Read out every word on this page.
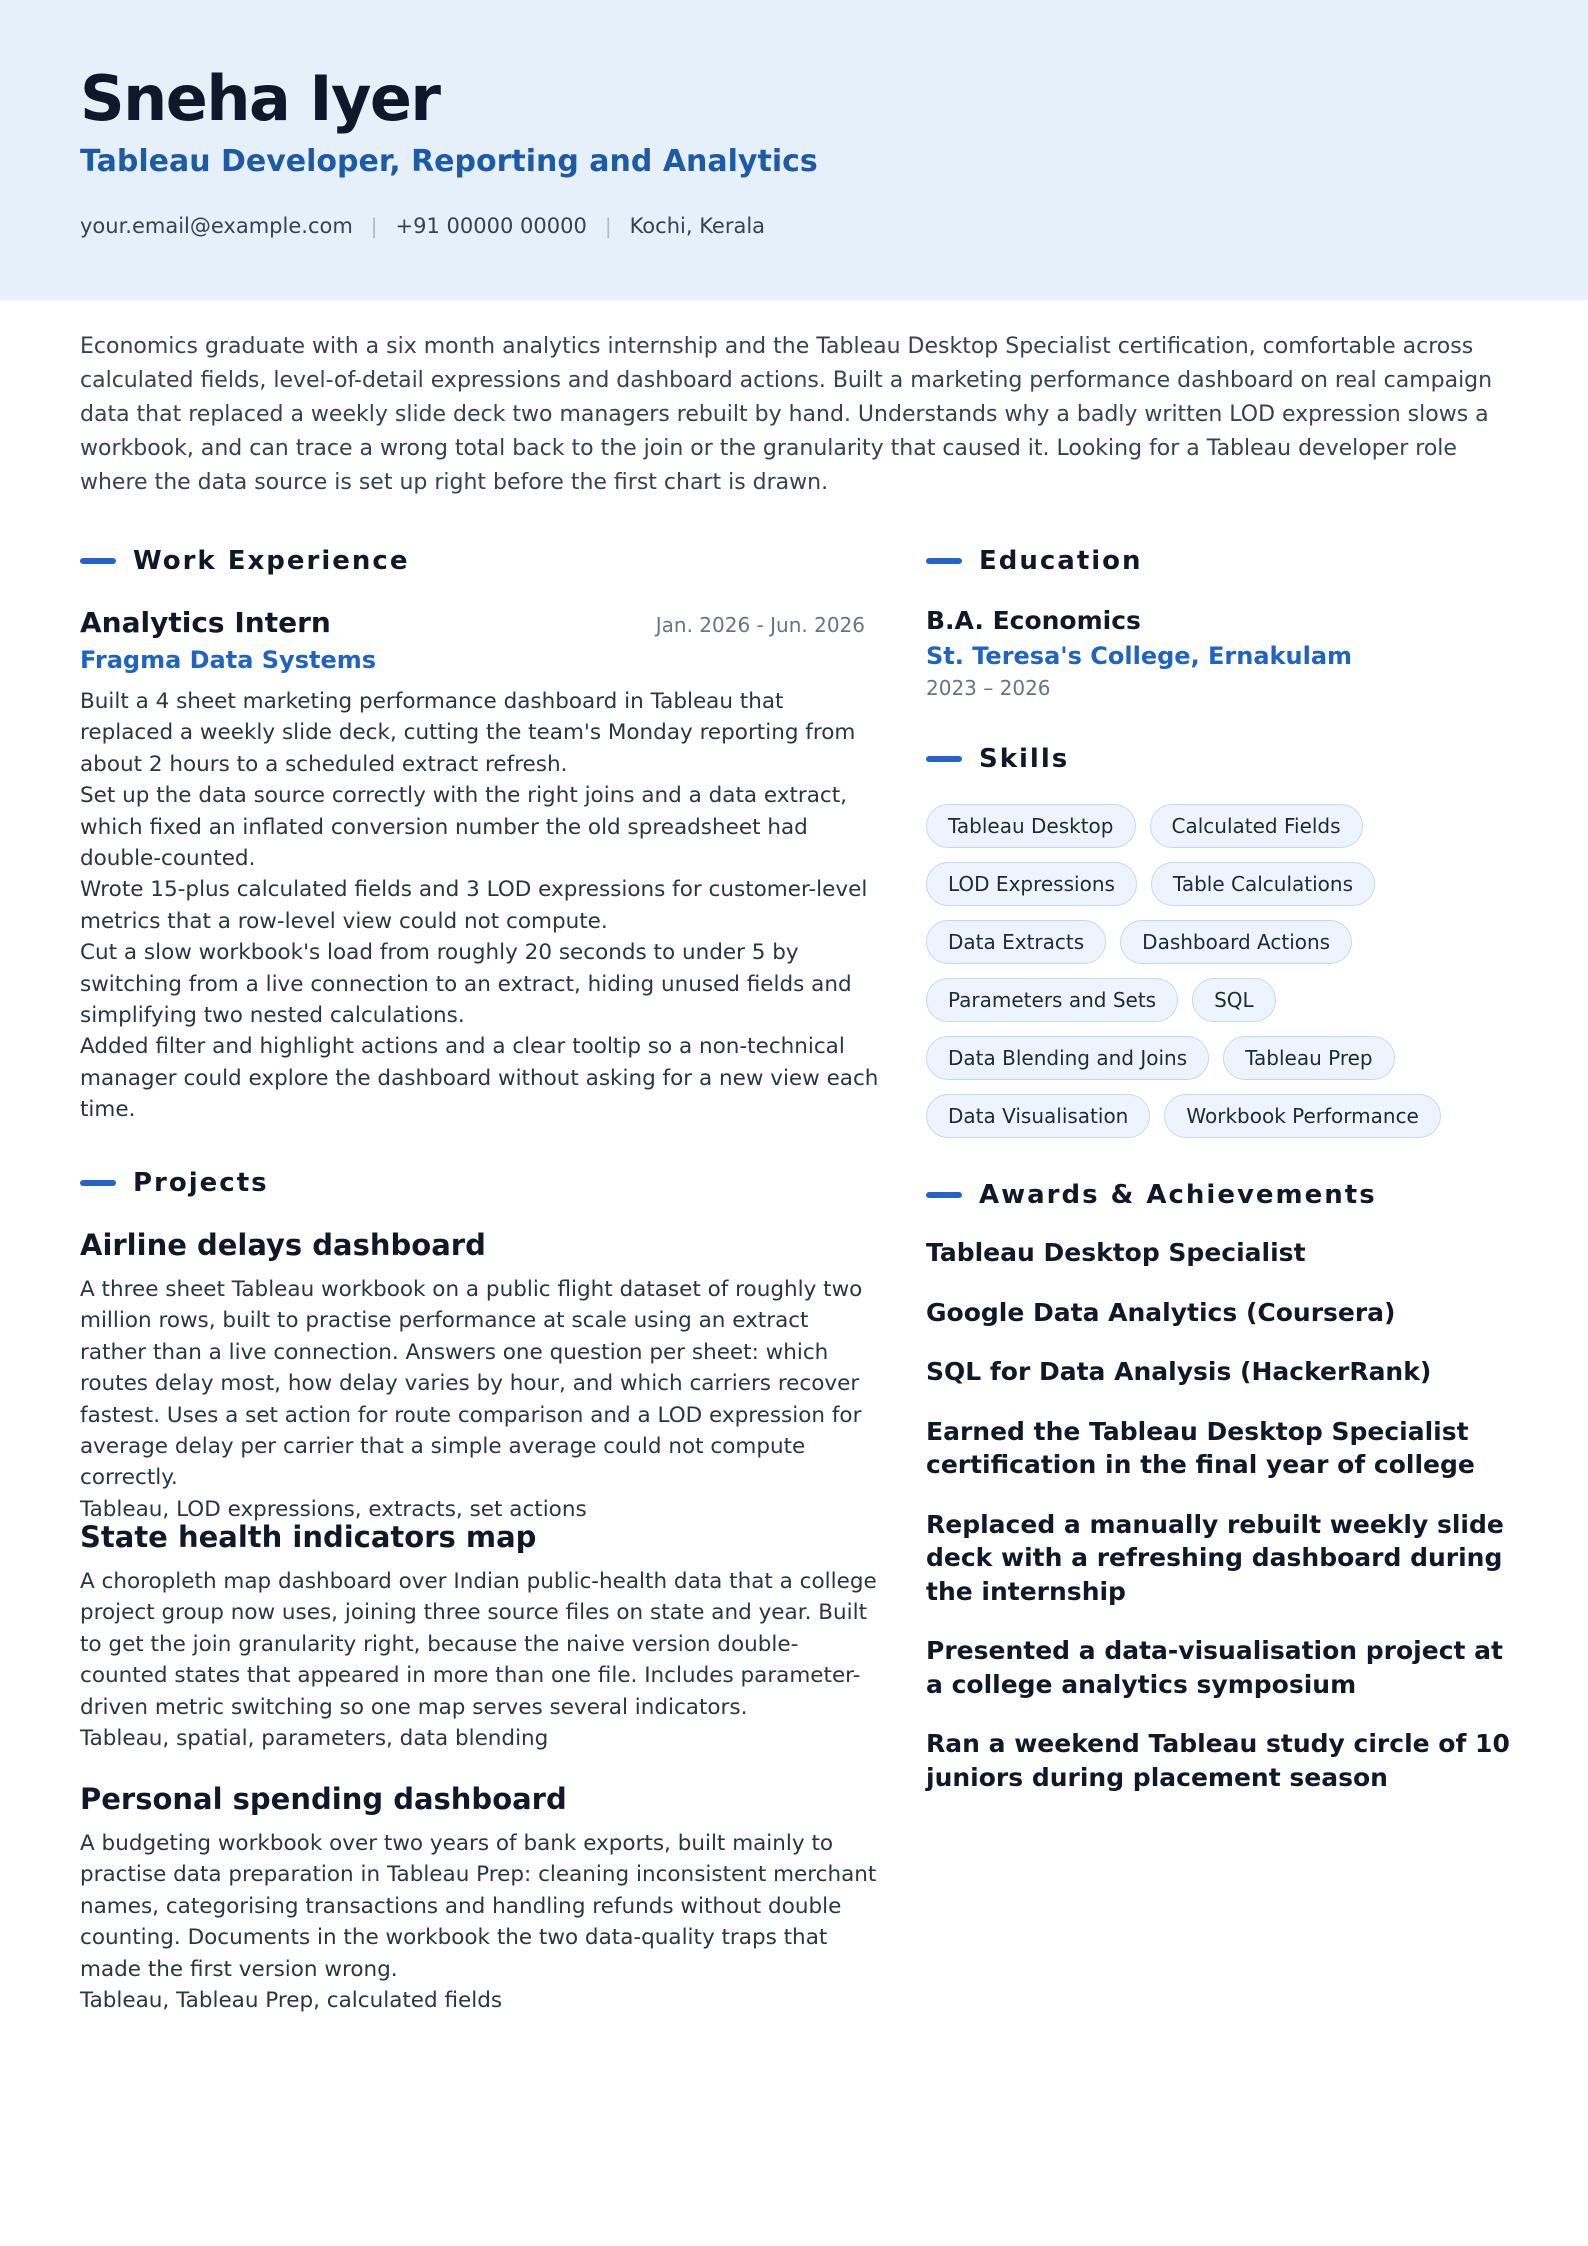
Sneha Iyer
Tableau Developer, Reporting and Analytics
your.email@example.com | +91 00000 00000 | Kochi, Kerala
Economics graduate with a six month analytics internship and the Tableau Desktop Specialist certification, comfortable across calculated fields, level-of-detail expressions and dashboard actions. Built a marketing performance dashboard on real campaign data that replaced a weekly slide deck two managers rebuilt by hand. Understands why a badly written LOD expression slows a workbook, and can trace a wrong total back to the join or the granularity that caused it. Looking for a Tableau developer role where the data source is set up right before the first chart is drawn.
Work Experience
Analytics Intern	Jan. 2026 - Jun. 2026
Fragma Data Systems

Built a 4 sheet marketing performance dashboard in Tableau that replaced a weekly slide deck, cutting the team's Monday reporting from about 2 hours to a scheduled extract refresh.

Set up the data source correctly with the right joins and a data extract, which fixed an inflated conversion number the old spreadsheet had double-counted.

Wrote 15-plus calculated fields and 3 LOD expressions for customer-level metrics that a row-level view could not compute.

Cut a slow workbook's load from roughly 20 seconds to under 5 by switching from a live connection to an extract, hiding unused fields and simplifying two nested calculations.

Added filter and highlight actions and a clear tooltip so a non-technical manager could explore the dashboard without asking for a new view each time.

Projects
Airline delays dashboard
A three sheet Tableau workbook on a public flight dataset of roughly two million rows, built to practise performance at scale using an extract rather than a live connection. Answers one question per sheet: which routes delay most, how delay varies by hour, and which carriers recover fastest. Uses a set action for route comparison and a LOD expression for average delay per carrier that a simple average could not compute correctly.
Tableau, LOD expressions, extracts, set actions
State health indicators map
A choropleth map dashboard over Indian public-health data that a college project group now uses, joining three source files on state and year. Built to get the join granularity right, because the naive version double-counted states that appeared in more than one file. Includes parameter-driven metric switching so one map serves several indicators.
Tableau, spatial, parameters, data blending
Personal spending dashboard
A budgeting workbook over two years of bank exports, built mainly to practise data preparation in Tableau Prep: cleaning inconsistent merchant names, categorising transactions and handling refunds without double counting. Documents in the workbook the two data-quality traps that made the first version wrong.
Tableau, Tableau Prep, calculated fields
Education
B.A. Economics
St. Teresa's College, Ernakulam
2023 – 2026
Skills
Tableau Desktop	Calculated Fields
LOD Expressions	Table Calculations
Data Extracts	Dashboard Actions
Parameters and Sets	SQL
Data Blending and Joins	Tableau Prep
Data Visualisation	Workbook Performance
Awards & Achievements
Tableau Desktop Specialist
Google Data Analytics (Coursera)
SQL for Data Analysis (HackerRank)
Earned the Tableau Desktop Specialist certification in the final year of college
Replaced a manually rebuilt weekly slide deck with a refreshing dashboard during the internship
Presented a data-visualisation project at a college analytics symposium
Ran a weekend Tableau study circle of 10 juniors during placement season
